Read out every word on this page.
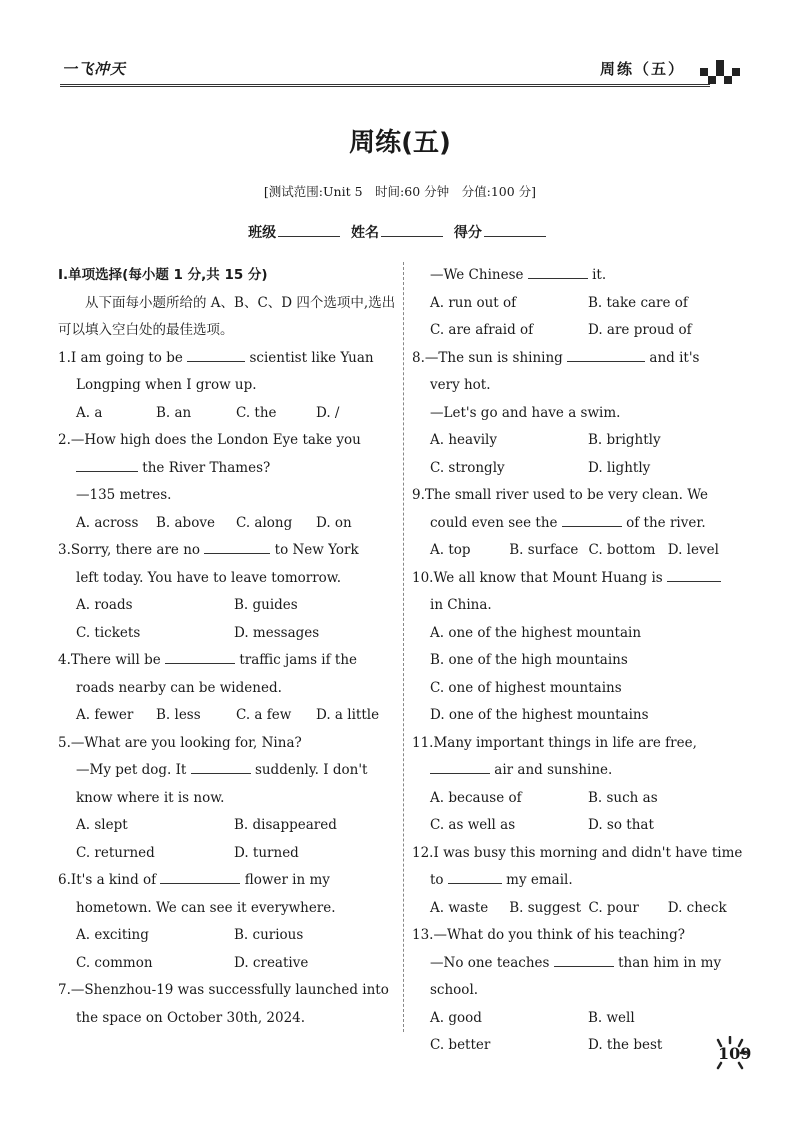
一飞冲天	周练（五）
周练(五)
[测试范围:Unit 5　时间:60 分钟　分值:100 分]
班级	姓名	得分
Ⅰ.单项选择(每小题 1 分,共 15 分)
从下面每小题所给的 A、B、C、D 四个选项中,选出可以填入空白处的最佳选项。
1.I am going to be	scientist like Yuan
Longping when I grow up.
A. a	B. an	C. the	D. /
2.—How high does the London Eye take you
the River Thames?
—135 metres.
A. across	B. above	C. along	D. on
3.Sorry, there are no	to New York
left today. You have to leave tomorrow.
A. roads	B. guides
C. tickets	D. messages
4.There will be	traffic jams if the
roads nearby can be widened.
A. fewer	B. less	C. a few	D. a little
5.—What are you looking for, Nina?
—My pet dog. It	suddenly. I don't
know where it is now.
A. slept	B. disappeared
C. returned	D. turned
6.It's a kind of	flower in my
hometown. We can see it everywhere.
A. exciting	B. curious
C. common	D. creative
7.—Shenzhou-19 was successfully launched into
the space on October 30th, 2024.
—We Chinese	it.
A. run out of	B. take care of
C. are afraid of	D. are proud of
8.—The sun is shining	and it's
very hot.
—Let's go and have a swim.
A. heavily	B. brightly
C. strongly	D. lightly
9.The small river used to be very clean. We
could even see the	of the river.
A. top	B. surface C. bottom D. level
10.We all know that Mount Huang is
in China.
A. one of the highest mountain
B. one of the high mountains
C. one of highest mountains
D. one of the highest mountains
11.Many important things in life are free,
air and sunshine.
A. because of	B. such as
C. as well as	D. so that
12.I was busy this morning and didn't have time
to	my email.
A. waste	B. suggest C. pour	D. check
13.—What do you think of his teaching?
—No one teaches	than him in my
school.
A. good	B. well
C. better	D. the best	109
